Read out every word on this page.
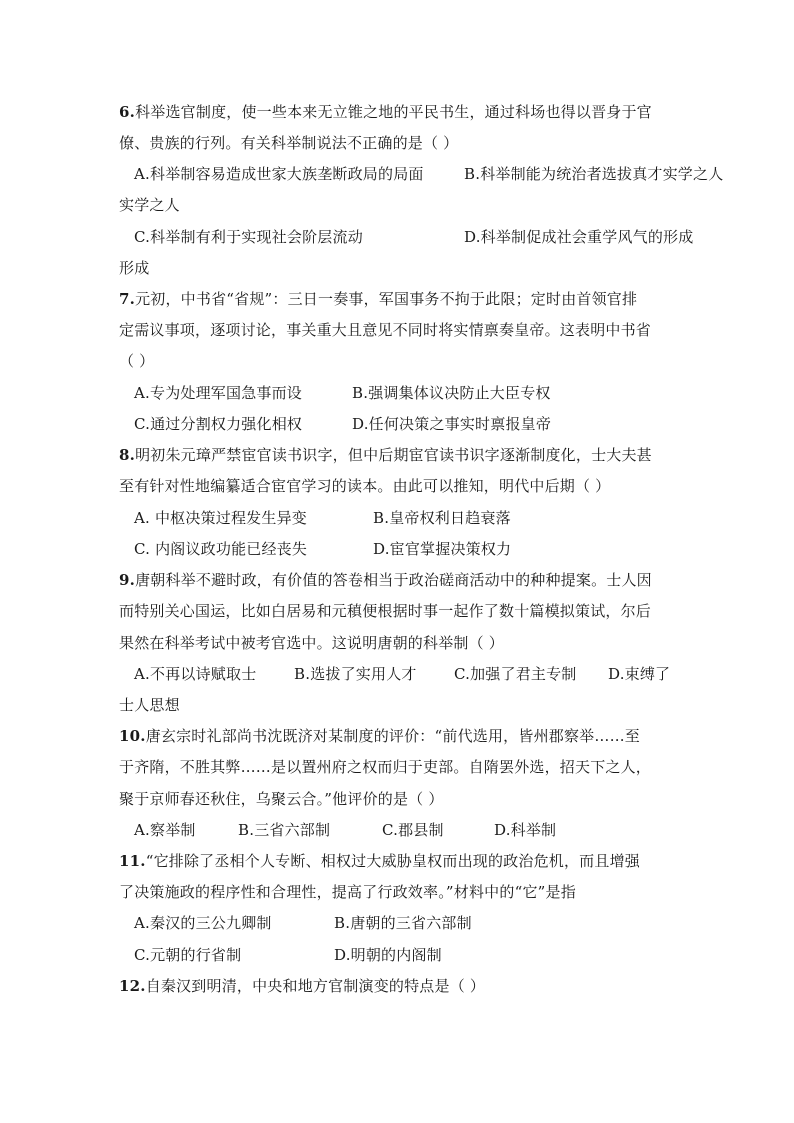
6.科举选官制度，使一些本来无立锥之地的平民书生，通过科场也得以晋身于官
僚、贵族的行列。有关科举制说法不正确的是（ ）
A.科举制容易造成世家大族垄断政局的局面	B.科举制能为统治者选拔真才实学之人
实学之人
C.科举制有利于实现社会阶层流动	D.科举制促成社会重学风气的形成
形成
7.元初，中书省“省规”：三日一奏事，军国事务不拘于此限；定时由首领官排
定需议事项，逐项讨论，事关重大且意见不同时将实情禀奏皇帝。这表明中书省
（ ）
A.专为处理军国急事而设	B.强调集体议决防止大臣专权
C.通过分割权力强化相权	D.任何决策之事实时禀报皇帝
8.明初朱元璋严禁宦官读书识字，但中后期宦官读书识字逐渐制度化，士大夫甚
至有针对性地编纂适合宦官学习的读本。由此可以推知，明代中后期（ ）
A. 中枢决策过程发生异变	B.皇帝权利日趋衰落
C. 内阁议政功能已经丧失	D.宦官掌握决策权力
9.唐朝科举不避时政，有价值的答卷相当于政治磋商活动中的种种提案。士人因
而特别关心国运，比如白居易和元稹便根据时事一起作了数十篇模拟策试，尔后
果然在科举考试中被考官选中。这说明唐朝的科举制（ ）
A.不再以诗赋取士	B.选拔了实用人才 C.加强了君主专制 D.束缚了
士人思想
10.唐玄宗时礼部尚书沈既济对某制度的评价：“前代选用，皆州郡察举……至
于齐隋，不胜其弊……是以置州府之权而归于吏部。自隋罢外选，招天下之人，
聚于京师春还秋住，乌聚云合。”他评价的是（ ）
A.察举制	B.三省六部制	C.郡县制	D.科举制
11.“它排除了丞相个人专断、相权过大威胁皇权而出现的政治危机，而且增强
了决策施政的程序性和合理性，提高了行政效率。”材料中的“它”是指
A.秦汉的三公九卿制	B.唐朝的三省六部制
C.元朝的行省制	D.明朝的内阁制
12.自秦汉到明清，中央和地方官制演变的特点是（ ）
